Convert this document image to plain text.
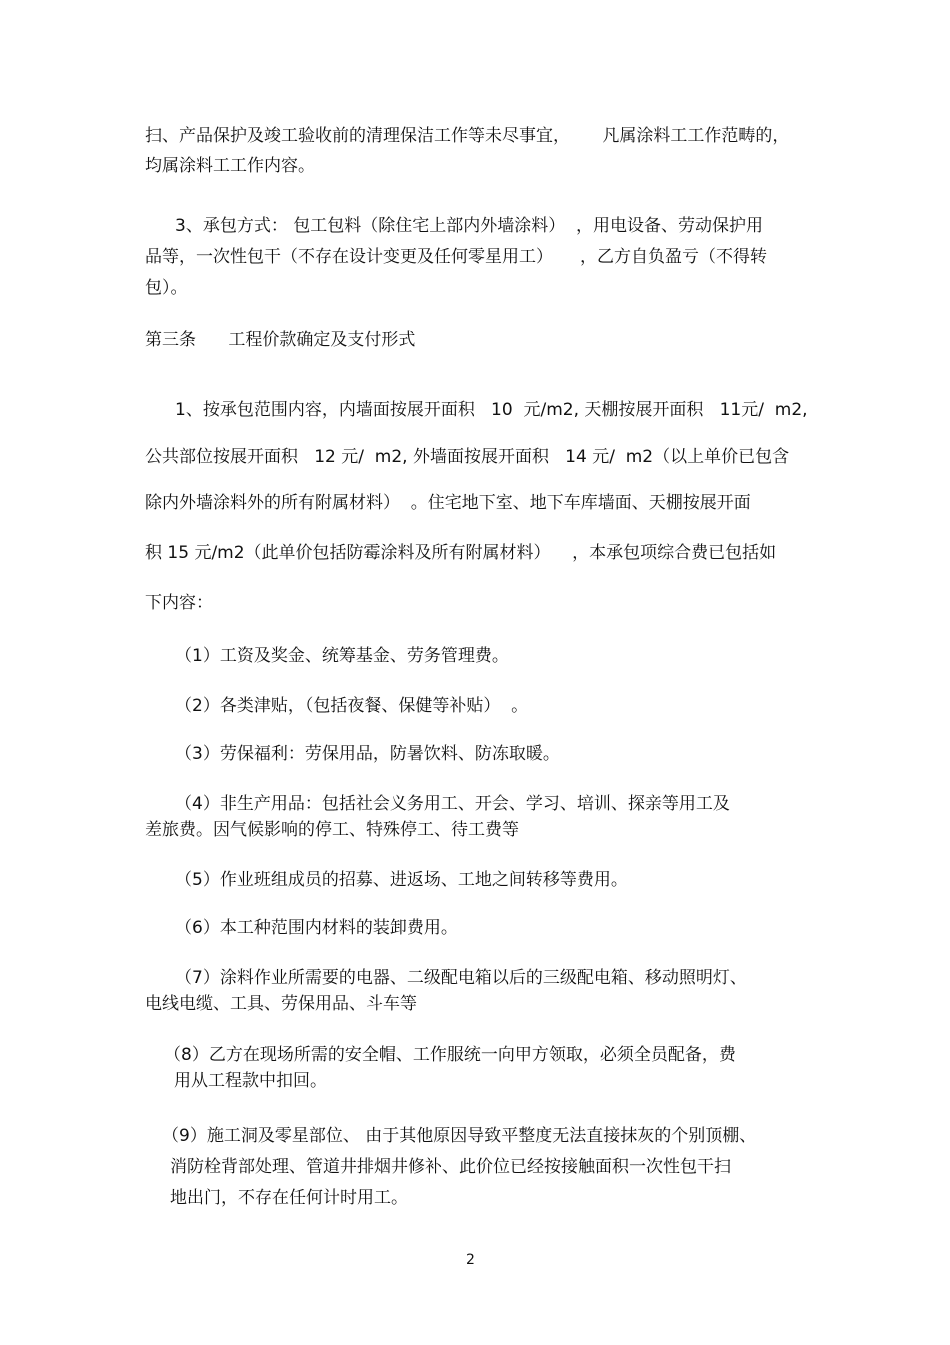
扫、产品保护及竣工验收前的清理保洁工作等未尽事宜，      凡属涂料工工作范畴的，
均属涂料工工作内容。
3、承包方式： 包工包料（除住宅上部内外墙涂料）  ，用电设备、劳动保护用
品等，一次性包干（不存在设计变更及任何零星用工）     ，乙方自负盈亏（不得转
包）。
第三条      工程价款确定及支付形式
1、按承包范围内容，内墙面按展开面积   10  元/m2, 天棚按展开面积   11元/  m2,
公共部位按展开面积   12 元/  m2, 外墙面按展开面积   14 元/  m2（以上单价已包含
除内外墙涂料外的所有附属材料）  。住宅地下室、地下车库墙面、天棚按展开面
积 15 元/m2（此单价包括防霉涂料及所有附属材料）    ，本承包项综合费已包括如
下内容：
（1）工资及奖金、统筹基金、劳务管理费。
（2）各类津贴，（包括夜餐、保健等补贴）  。
（3）劳保福利：劳保用品，防暑饮料、防冻取暖。
（4）非生产用品：包括社会义务用工、开会、学习、培训、探亲等用工及
差旅费。因气候影响的停工、特殊停工、待工费等
（5）作业班组成员的招募、进返场、工地之间转移等费用。
（6）本工种范围内材料的装卸费用。
（7）涂料作业所需要的电器、二级配电箱以后的三级配电箱、移动照明灯、
电线电缆、工具、劳保用品、斗车等
（8）乙方在现场所需的安全帽、工作服统一向甲方领取，必须全员配备，费
用从工程款中扣回。
（9）施工洞及零星部位、 由于其他原因导致平整度无法直接抹灰的个别顶棚、
消防栓背部处理、管道井排烟井修补、此价位已经按接触面积一次性包干扫
地出门，不存在任何计时用工。
2
